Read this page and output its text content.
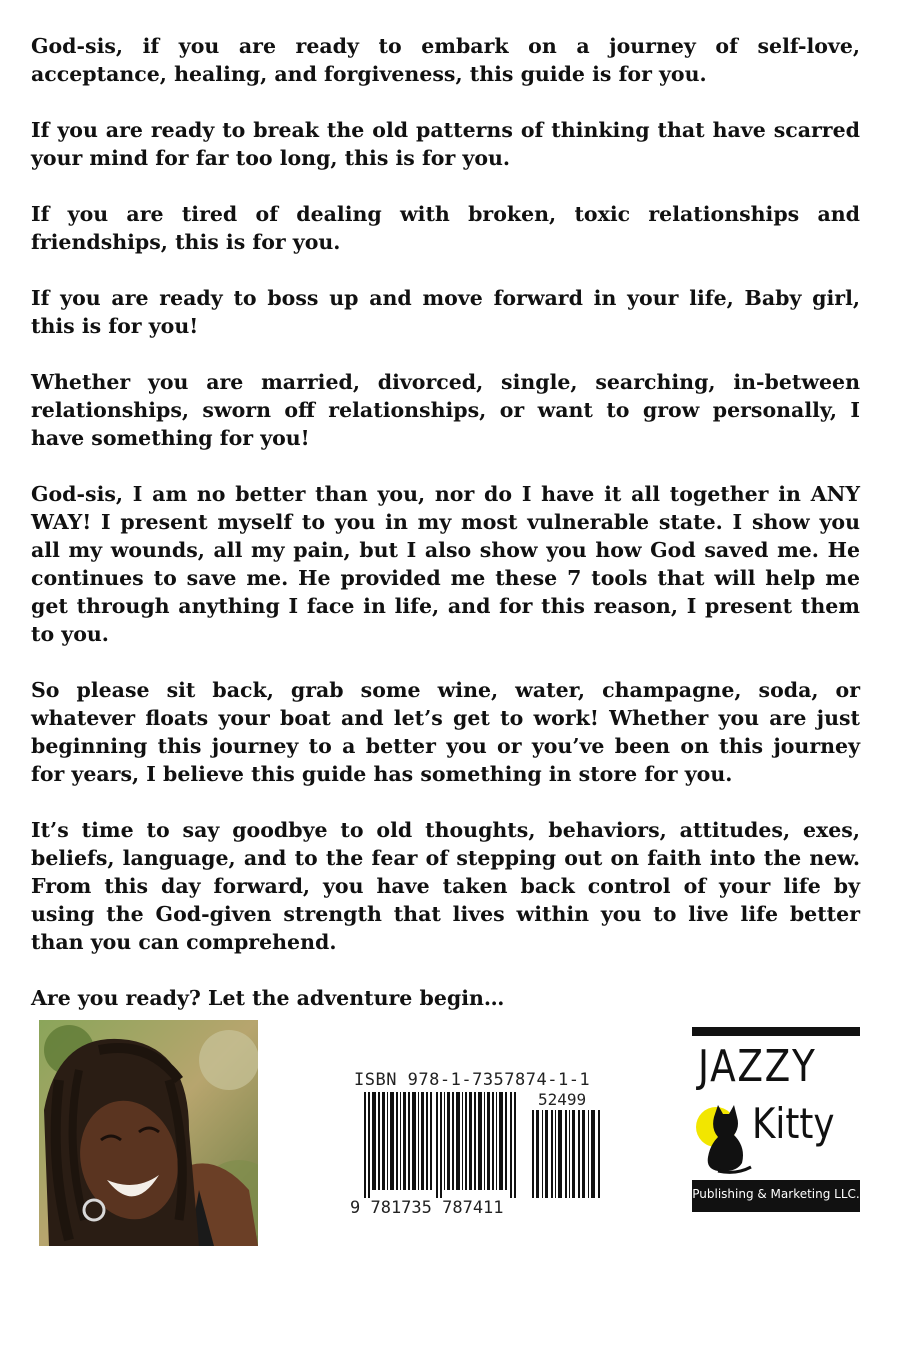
God-sis, if you are ready to embark on a journey of self-love, acceptance, healing, and forgiveness, this guide is for you.

If you are ready to break the old patterns of thinking that have scarred your mind for far too long, this is for you.

If you are tired of dealing with broken, toxic relationships and friendships, this is for you.

If you are ready to boss up and move forward in your life, Baby girl, this is for you!

Whether you are married, divorced, single, searching, in-between relationships, sworn off relationships, or want to grow personally, I have something for you!

God-sis, I am no better than you, nor do I have it all together in ANY WAY! I present myself to you in my most vulnerable state. I show you all my wounds, all my pain, but I also show you how God saved me. He continues to save me. He provided me these 7 tools that will help me get through anything I face in life, and for this reason, I present them to you.

So please sit back, grab some wine, water, champagne, soda, or whatever floats your boat and let’s get to work! Whether you are just beginning this journey to a better you or you’ve been on this journey for years, I believe this guide has something in store for you.

It’s time to say goodbye to old thoughts, behaviors, attitudes, exes, beliefs, language, and to the fear of stepping out on faith into the new. From this day forward, you have taken back control of your life by using the God-given strength that lives within you to live life better than you can comprehend.

Are you ready? Let the adventure begin…

ISBN 978-1-7357874-1-1
52499
9 781735 787411
JAZZY
Kitty
Publishing & Marketing LLC.
